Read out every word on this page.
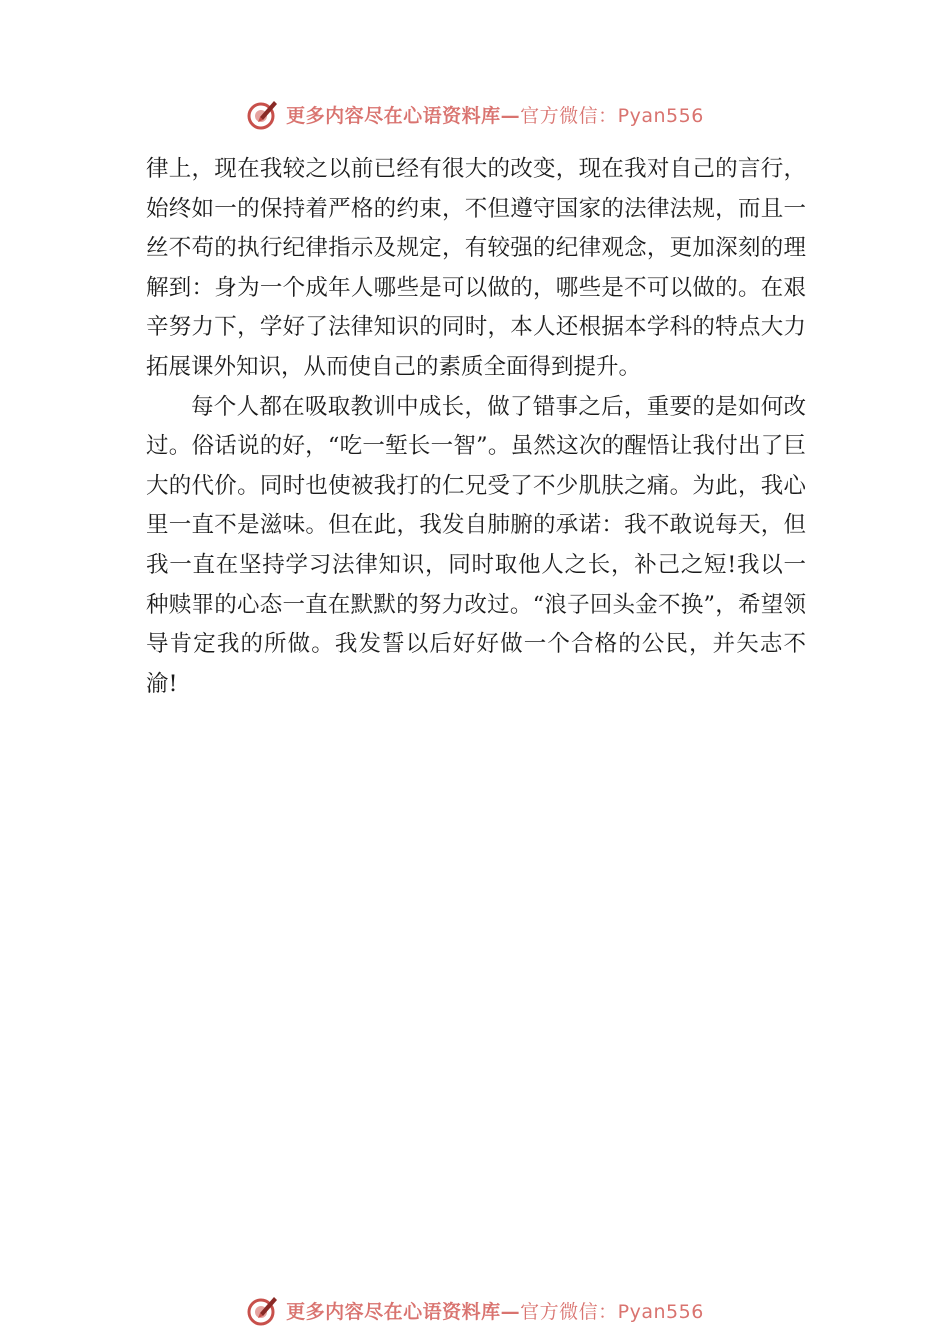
更多内容尽在心语资料库—官方微信：Pyan556

律上，现在我较之以前已经有很大的改变，现在我对自己的言行，始终如一的保持着严格的约束，不但遵守国家的法律法规，而且一丝不苟的执行纪律指示及规定，有较强的纪律观念，更加深刻的理解到：身为一个成年人哪些是可以做的，哪些是不可以做的。在艰辛努力下，学好了法律知识的同时，本人还根据本学科的特点大力拓展课外知识，从而使自己的素质全面得到提升。

每个人都在吸取教训中成长，做了错事之后，重要的是如何改过。俗话说的好，“吃一堑长一智”。虽然这次的醒悟让我付出了巨大的代价。同时也使被我打的仁兄受了不少肌肤之痛。为此，我心里一直不是滋味。但在此，我发自肺腑的承诺：我不敢说每天，但我一直在坚持学习法律知识，同时取他人之长，补己之短!我以一种赎罪的心态一直在默默的努力改过。“浪子回头金不换”，希望领导肯定我的所做。我发誓以后好好做一个合格的公民，并矢志不渝!

更多内容尽在心语资料库—官方微信：Pyan556
